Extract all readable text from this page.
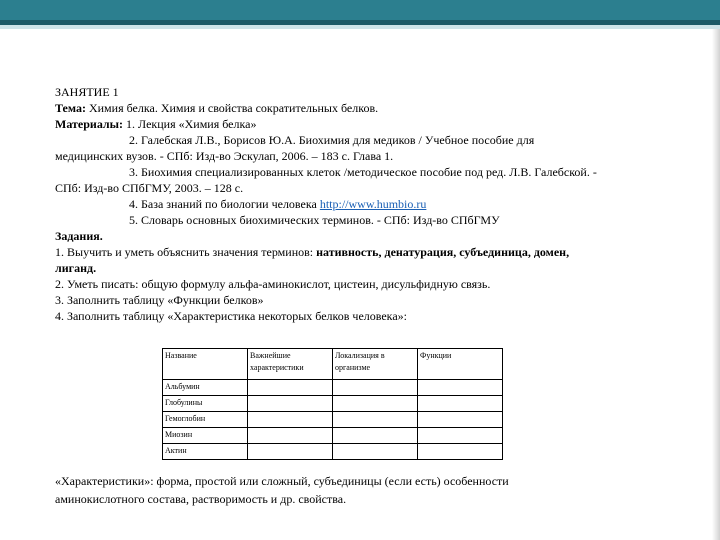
ЗАНЯТИЕ 1
Тема: Химия белка. Химия и свойства сократительных белков.
Материалы: 1. Лекция «Химия белка»
2. Галебская Л.В., Борисов Ю.А. Биохимия для медиков / Учебное пособие для
медицинских вузов. - СПб: Изд-во Эскулап, 2006. – 183 с. Глава 1.
3. Биохимия специализированных клеток /методическое пособие под ред. Л.В. Галебской. -
СПб: Изд-во СПбГМУ, 2003. – 128 с.
4. База знаний по биологии человека http://www.humbio.ru
5. Словарь основных биохимических терминов. - СПб: Изд-во СПбГМУ
Задания.
1. Выучить и уметь объяснить значения терминов: нативность, денатурация, субъединица, домен,
лиганд.
2. Уметь писать: общую формулу альфа-аминокислот, цистеин, дисульфидную связь.
3. Заполнить таблицу «Функции белков»
4. Заполнить таблицу «Характеристика некоторых белков человека»:
Название	Важнейшие характеристики	Локализация в организме	Функции
Альбумин			
Глобулины			
Гемоглобин			
Миозин			
Актин			
«Характеристики»: форма, простой или сложный, субъединицы (если есть) особенности
аминокислотного состава, растворимость и др. свойства.
